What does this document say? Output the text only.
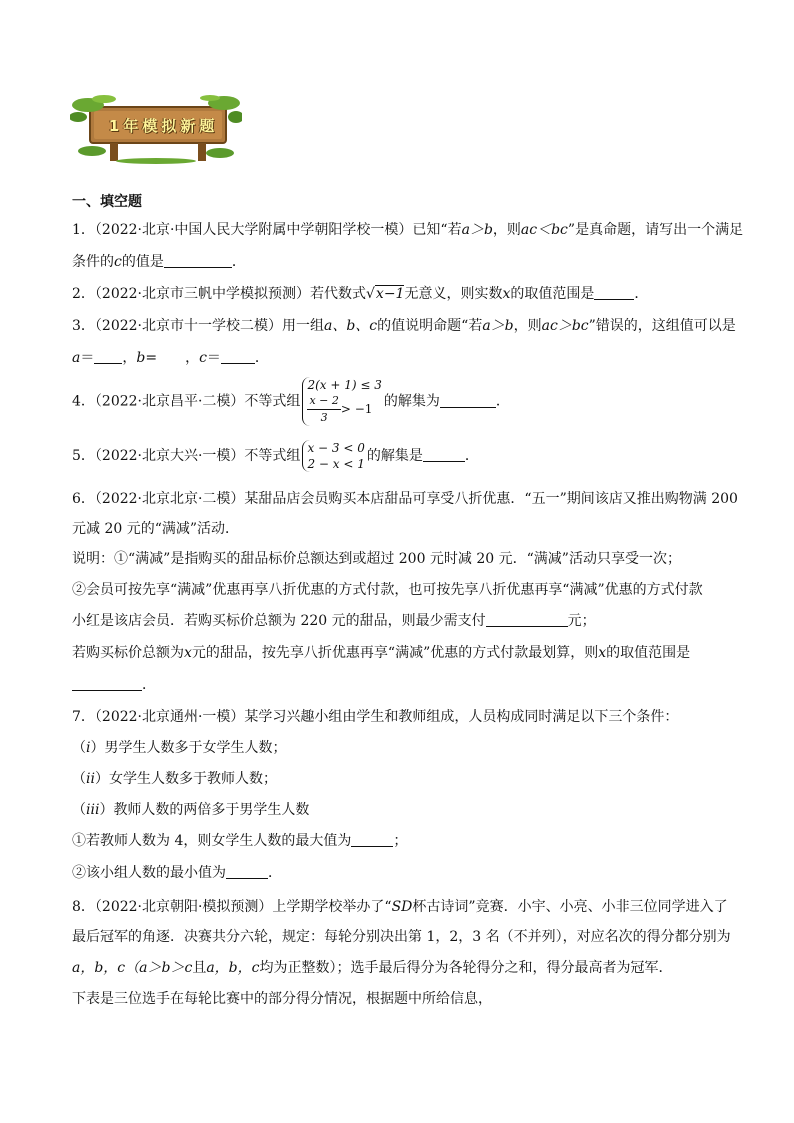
1年模拟新题
一、填空题
1．（2022·北京·中国人民大学附属中学朝阳学校一模）已知“若a＞b，则ac＜bc”是真命题，请写出一个满足
条件的c的值是	．
2．（2022·北京市三帆中学模拟预测）若代数式√x−1无意义，则实数x的取值范围是	．
3．（2022·北京市十一学校二模）用一组a、b、c的值说明命题“若a＞b，则ac＞bc”错误的，这组值可以是
a＝ ，b= ，c＝ ．
4．（2022·北京昌平·二模）不等式组
2(x + 1) ≤ 3
$\frac{x - 2}{3} > -1$ 的解集为	．
5．（2022·北京大兴·一模）不等式组 x − 3 < 0
2 − x < 1 的解集是	．
6．（2022·北京北京·二模）某甜品店会员购买本店甜品可享受八折优惠．“五一”期间该店又推出购物满 200
元减 20 元的“满减”活动．
说明：①“满减”是指购买的甜品标价总额达到或超过 200 元时减 20 元．“满减”活动只享受一次；
②会员可按先享“满减”优惠再享八折优惠的方式付款，也可按先享八折优惠再享“满减”优惠的方式付款
小红是该店会员．若购买标价总额为 220 元的甜品，则最少需支付	元；
若购买标价总额为x元的甜品，按先享八折优惠再享“满减”优惠的方式付款最划算，则x的取值范围是
．
7．（2022·北京通州·一模）某学习兴趣小组由学生和教师组成，人员构成同时满足以下三个条件：
（i）男学生人数多于女学生人数；
（ii）女学生人数多于教师人数；
（iii）教师人数的两倍多于男学生人数
①若教师人数为 4，则女学生人数的最大值为	；
②该小组人数的最小值为	．
8．（2022·北京朝阳·模拟预测）上学期学校举办了“SD杯古诗词”竞赛．小宇、小亮、小非三位同学进入了
最后冠军的角逐．决赛共分六轮，规定：每轮分别决出第 1，2，3 名（不并列），对应名次的得分都分别为
a，b，c（a＞b＞c且a，b，c均为正整数）；选手最后得分为各轮得分之和，得分最高者为冠军．
下表是三位选手在每轮比赛中的部分得分情况，根据题中所给信息，
